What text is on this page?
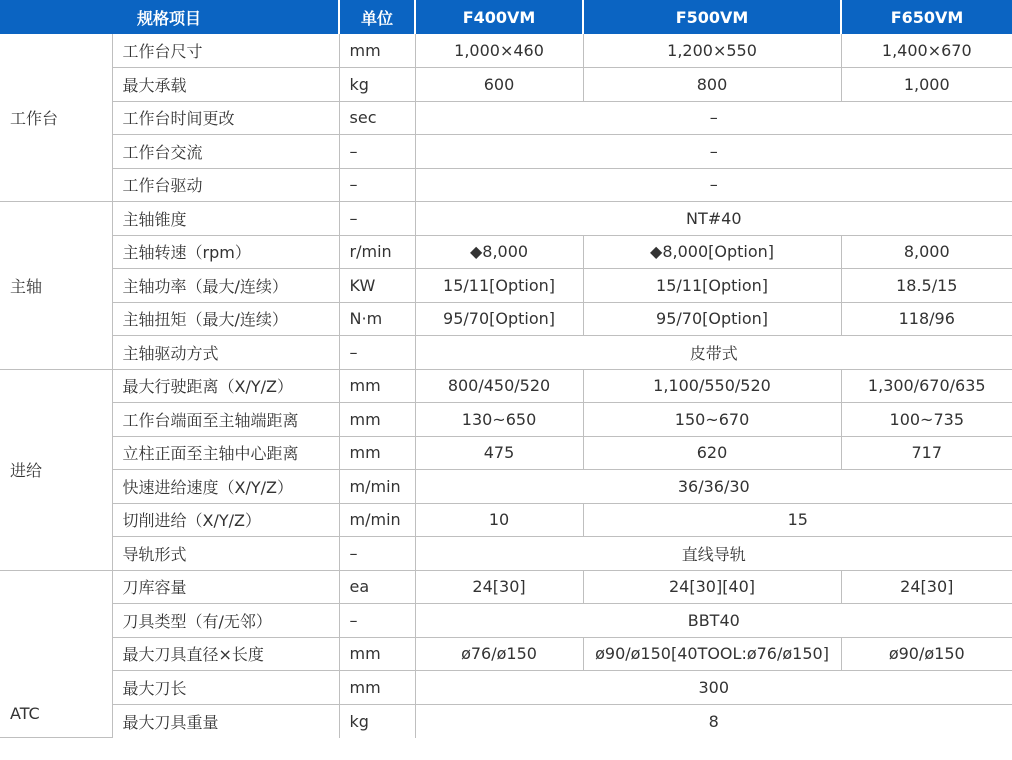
规格项目		单位	F400VM	F500VM	F650VM
工作台	工作台尺寸	mm	1,000×460	1,200×550	1,400×670
	最大承载	kg	600	800	1,000
	工作台时间更改	sec	–		
	工作台交流	–	–		
	工作台驱动	–	–		
主轴	主轴锥度	–	NT#40		
	主轴转速（rpm）	r/min	◆8,000	◆8,000[Option]	8,000
	主轴功率（最大/连续）	KW	15/11[Option]	15/11[Option]	18.5/15
	主轴扭矩（最大/连续）	N·m	95/70[Option]	95/70[Option]	118/96
	主轴驱动方式	–	皮带式		
进给	最大行驶距离（X/Y/Z）	mm	800/450/520	1,100/550/520	1,300/670/635
	工作台端面至主轴端距离	mm	130~650	150~670	100~735
	立柱正面至主轴中心距离	mm	475	620	717
	快速进给速度（X/Y/Z）	m/min	36/36/30		
	切削进给（X/Y/Z）	m/min	10	15	
	导轨形式	–	直线导轨		
ATC	刀库容量	ea	24[30]	24[30][40]	24[30]
	刀具类型（有/无邻）	–	BBT40		
	最大刀具直径×长度	mm	ø76/ø150	ø90/ø150[40TOOL:ø76/ø150]	ø90/ø150
	最大刀长	mm	300		
	最大刀具重量	kg	8		
